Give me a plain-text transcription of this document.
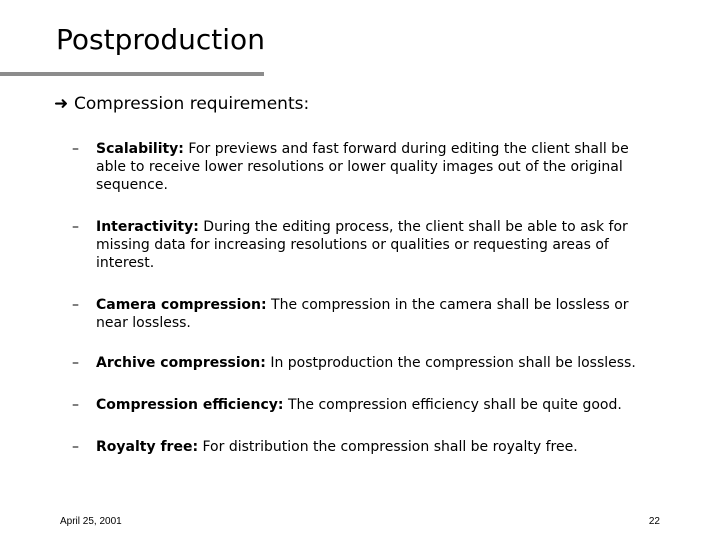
Postproduction
➜ Compression requirements:
– Scalability: For previews and fast forward during editing the client shall be able to receive lower resolutions or lower quality images out of the original sequence.
– Interactivity: During the editing process, the client shall be able to ask for missing data for increasing resolutions or qualities or requesting areas of interest.
– Camera compression: The compression in the camera shall be lossless or near lossless.
– Archive compression: In postproduction the compression shall be lossless.
– Compression efficiency: The compression efficiency shall be quite good.
– Royalty free: For distribution the compression shall be royalty free.
April 25, 2001	22
